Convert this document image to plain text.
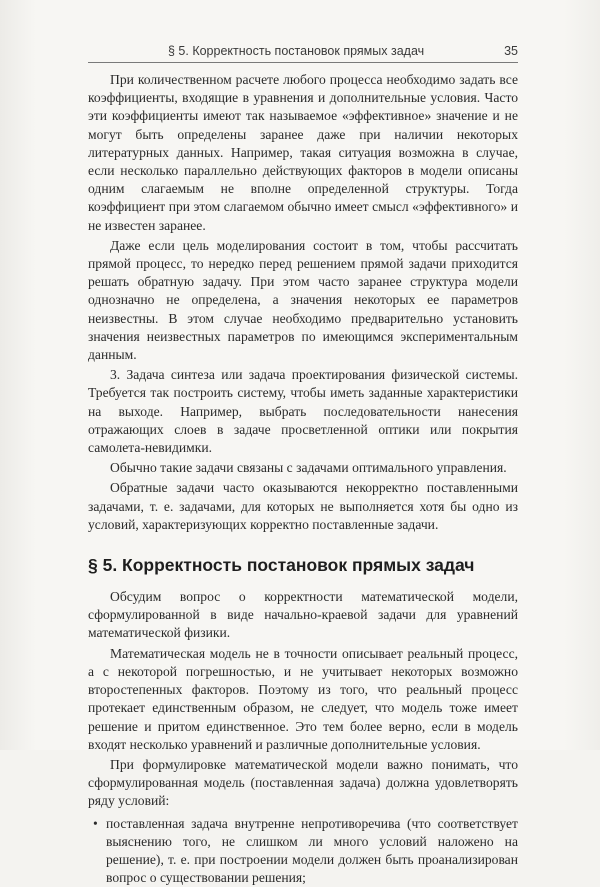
§ 5. Корректность постановок прямых задач	35

При количественном расчете любого процесса необходимо задать все коэффициенты, входящие в уравнения и дополнительные условия. Часто эти коэффициенты имеют так называемое «эффективное» значение и не могут быть определены заранее даже при наличии некоторых литературных данных. Например, такая ситуация возможна в случае, если несколько параллельно действующих факторов в модели описаны одним слагаемым не вполне определенной структуры. Тогда коэффициент при этом слагаемом обычно имеет смысл «эффективного» и не известен заранее.

Даже если цель моделирования состоит в том, чтобы рассчитать прямой процесс, то нередко перед решением прямой задачи приходится решать обратную задачу. При этом часто заранее структура модели однозначно не определена, а значения некоторых ее параметров неизвестны. В этом случае необходимо предварительно установить значения неизвестных параметров по имеющимся экспериментальным данным.

3. Задача синтеза или задача проектирования физической системы. Требуется так построить систему, чтобы иметь заданные характеристики на выходе. Например, выбрать последовательности нанесения отражающих слоев в задаче просветленной оптики или покрытия самолета-невидимки.

Обычно такие задачи связаны с задачами оптимального управления.

Обратные задачи часто оказываются некорректно поставленными задачами, т. е. задачами, для которых не выполняется хотя бы одно из условий, характеризующих корректно поставленные задачи.

§ 5. Корректность постановок прямых задач

Обсудим вопрос о корректности математической модели, сформулированной в виде начально-краевой задачи для уравнений математической физики.

Математическая модель не в точности описывает реальный процесс, а с некоторой погрешностью, и не учитывает некоторых возможно второстепенных факторов. Поэтому из того, что реальный процесс протекает единственным образом, не следует, что модель тоже имеет решение и притом единственное. Это тем более верно, если в модель входят несколько уравнений и различные дополнительные условия.

При формулировке математической модели важно понимать, что сформулированная модель (поставленная задача) должна удовлетворять ряду условий:

• поставленная задача внутренне непротиворечива (что соответствует выяснению того, не слишком ли много условий наложено на решение), т. е. при построении модели должен быть проанализирован вопрос о существовании решения;
